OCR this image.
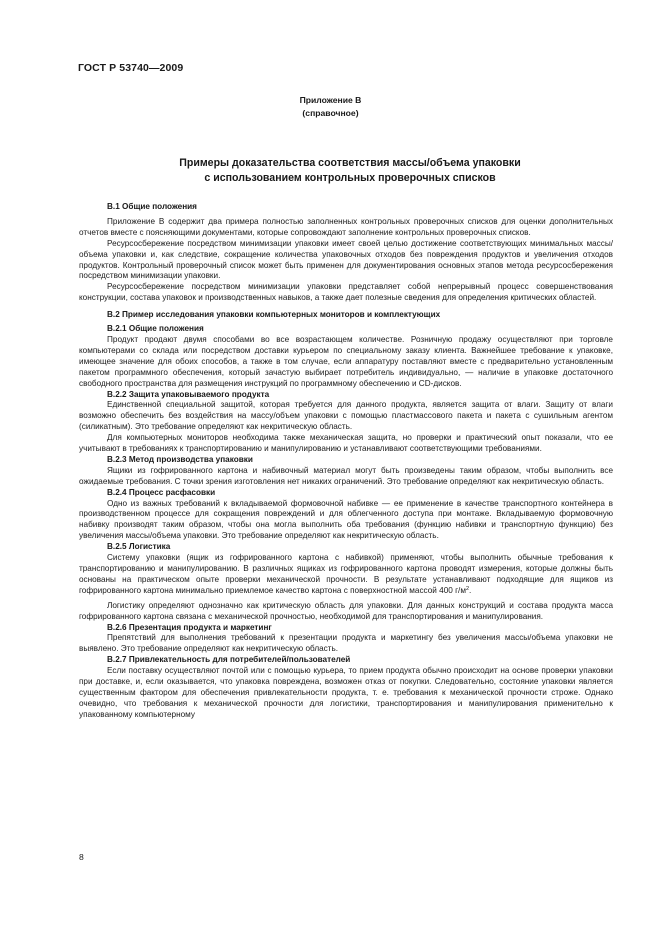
ГОСТ Р 53740—2009
Приложение В
(справочное)
Примеры доказательства соответствия массы/объема упаковки
с использованием контрольных проверочных списков
В.1 Общие положения

Приложение В содержит два примера полностью заполненных контрольных проверочных списков для оценки дополнительных отчетов вместе с поясняющими документами, которые сопровождают заполнение контрольных проверочных списков.

Ресурсосбережение посредством минимизации упаковки имеет своей целью достижение соответствующих минимальных массы/объема упаковки и, как следствие, сокращение количества упаковочных отходов без повреждения продуктов и увеличения отходов продуктов. Контрольный проверочный список может быть применен для документирования основных этапов метода ресурсосбережения посредством минимизации упаковки.

Ресурсосбережение посредством минимизации упаковки представляет собой непрерывный процесс совершенствования конструкции, состава упаковок и производственных навыков, а также дает полезные сведения для определения критических областей.

В.2 Пример исследования упаковки компьютерных мониторов и комплектующих
В.2.1 Общие положения

Продукт продают двумя способами во все возрастающем количестве. Розничную продажу осуществляют при торговле компьютерами со склада или посредством доставки курьером по специальному заказу клиента. Важнейшее требование к упаковке, имеющее значение для обоих способов, а также в том случае, если аппаратуру поставляют вместе с предварительно установленным пакетом программного обеспечения, который зачастую выбирает потребитель индивидуально, — наличие в упаковке достаточного свободного пространства для размещения инструкций по программному обеспечению и CD-дисков.

В.2.2 Защита упаковываемого продукта

Единственной специальной защитой, которая требуется для данного продукта, является защита от влаги. Защиту от влаги возможно обеспечить без воздействия на массу/объем упаковки с помощью пластмассового пакета и пакета с сушильным агентом (силикатным). Это требование определяют как некритическую область.

Для компьютерных мониторов необходима также механическая защита, но проверки и практический опыт показали, что ее учитывают в требованиях к транспортированию и манипулированию и устанавливают соответствующими требованиями.

В.2.3 Метод производства упаковки

Ящики из гофрированного картона и набивочный материал могут быть произведены таким образом, чтобы выполнить все ожидаемые требования. С точки зрения изготовления нет никаких ограничений. Это требование определяют как некритическую область.

В.2.4 Процесс расфасовки

Одно из важных требований к вкладываемой формовочной набивке — ее применение в качестве транспортного контейнера в производственном процессе для сокращения повреждений и для облегченного доступа при монтаже. Вкладываемую формовочную набивку производят таким образом, чтобы она могла выполнить оба требования (функцию набивки и транспортную функцию) без увеличения массы/объема упаковки. Это требование определяют как некритическую область.

В.2.5 Логистика

Систему упаковки (ящик из гофрированного картона с набивкой) применяют, чтобы выполнить обычные требования к транспортированию и манипулированию. В различных ящиках из гофрированного картона проводят измерения, которые должны быть основаны на практическом опыте проверки механической прочности. В результате устанавливают подходящие для ящиков из гофрированного картона минимально приемлемое качество картона с поверхностной массой 400 $г/м^2$.

Логистику определяют однозначно как критическую область для упаковки. Для данных конструкций и состава продукта масса гофрированного картона связана с механической прочностью, необходимой для транспортирования и манипулирования.

В.2.6 Презентация продукта и маркетинг

Препятствий для выполнения требований к презентации продукта и маркетингу без увеличения массы/объема упаковки не выявлено. Это требование определяют как некритическую область.

В.2.7 Привлекательность для потребителей/пользователей

Если поставку осуществляют почтой или с помощью курьера, то прием продукта обычно происходит на основе проверки упаковки при доставке, и, если оказывается, что упаковка повреждена, возможен отказ от покупки. Следовательно, состояние упаковки является существенным фактором для обеспечения привлекательности продукта, т. е. требования к механической прочности строже. Однако очевидно, что требования к механической прочности для логистики, транспортирования и манипулирования применительно к упакованному компьютерному

8
